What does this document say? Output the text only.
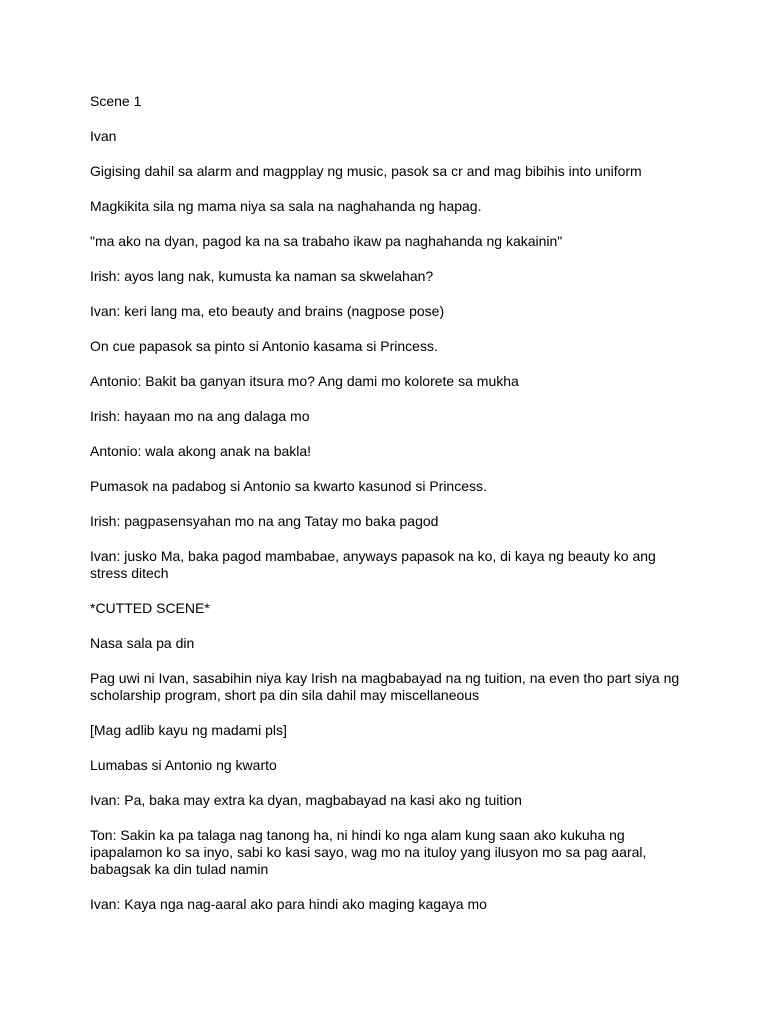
Scene 1

Ivan

Gigising dahil sa alarm and magpplay ng music, pasok sa cr and mag bibihis into uniform

Magkikita sila ng mama niya sa sala na naghahanda ng hapag.

"ma ako na dyan, pagod ka na sa trabaho ikaw pa naghahanda ng kakainin"

Irish: ayos lang nak, kumusta ka naman sa skwelahan?

Ivan: keri lang ma, eto beauty and brains (nagpose pose)

On cue papasok sa pinto si Antonio kasama si Princess.

Antonio: Bakit ba ganyan itsura mo? Ang dami mo kolorete sa mukha

Irish: hayaan mo na ang dalaga mo

Antonio: wala akong anak na bakla!

Pumasok na padabog si Antonio sa kwarto kasunod si Princess.

Irish: pagpasensyahan mo na ang Tatay mo baka pagod

Ivan: jusko Ma, baka pagod mambabae, anyways papasok na ko, di kaya ng beauty ko ang stress ditech

*CUTTED SCENE*

Nasa sala pa din

Pag uwi ni Ivan, sasabihin niya kay Irish na magbabayad na ng tuition, na even tho part siya ng scholarship program, short pa din sila dahil may miscellaneous

[Mag adlib kayu ng madami pls]

Lumabas si Antonio ng kwarto

Ivan: Pa, baka may extra ka dyan, magbabayad na kasi ako ng tuition

Ton: Sakin ka pa talaga nag tanong ha, ni hindi ko nga alam kung saan ako kukuha ng ipapalamon ko sa inyo, sabi ko kasi sayo, wag mo na ituloy yang ilusyon mo sa pag aaral, babagsak ka din tulad namin

Ivan: Kaya nga nag-aaral ako para hindi ako maging kagaya mo
